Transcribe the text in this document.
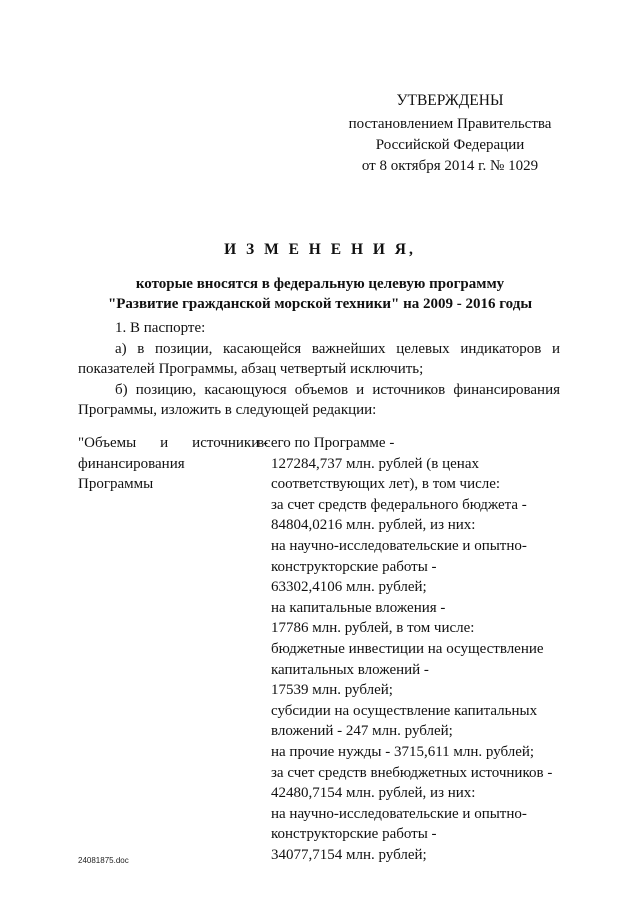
УТВЕРЖДЕНЫ
постановлением Правительства
Российской Федерации
от 8 октября 2014 г. № 1029
И З М Е Н Е Н И Я,
которые вносятся в федеральную целевую программу
"Развитие гражданской морской техники" на 2009 - 2016 годы

1. В паспорте:

а) в позиции, касающейся важнейших целевых индикаторов и

показателей Программы, абзац четвертый исключить;

б) позицию, касающуюся объемов и источников финансирования

Программы, изложить в следующей редакции:

"Объемы и источники -
финансирования
Программы
всего по Программе -
127284,737 млн. рублей (в ценах
соответствующих лет), в том числе:
за счет средств федерального бюджета -
84804,0216 млн. рублей, из них:
на научно-исследовательские и опытно-
конструкторские работы -
63302,4106 млн. рублей;
на капитальные вложения -
17786 млн. рублей, в том числе:
бюджетные инвестиции на осуществление
капитальных вложений -
17539 млн. рублей;
субсидии на осуществление капитальных
вложений - 247 млн. рублей;
на прочие нужды - 3715,611 млн. рублей;
за счет средств внебюджетных источников -
42480,7154 млн. рублей, из них:
на научно-исследовательские и опытно-
конструкторские работы -
34077,7154 млн. рублей;
24081875.doc
